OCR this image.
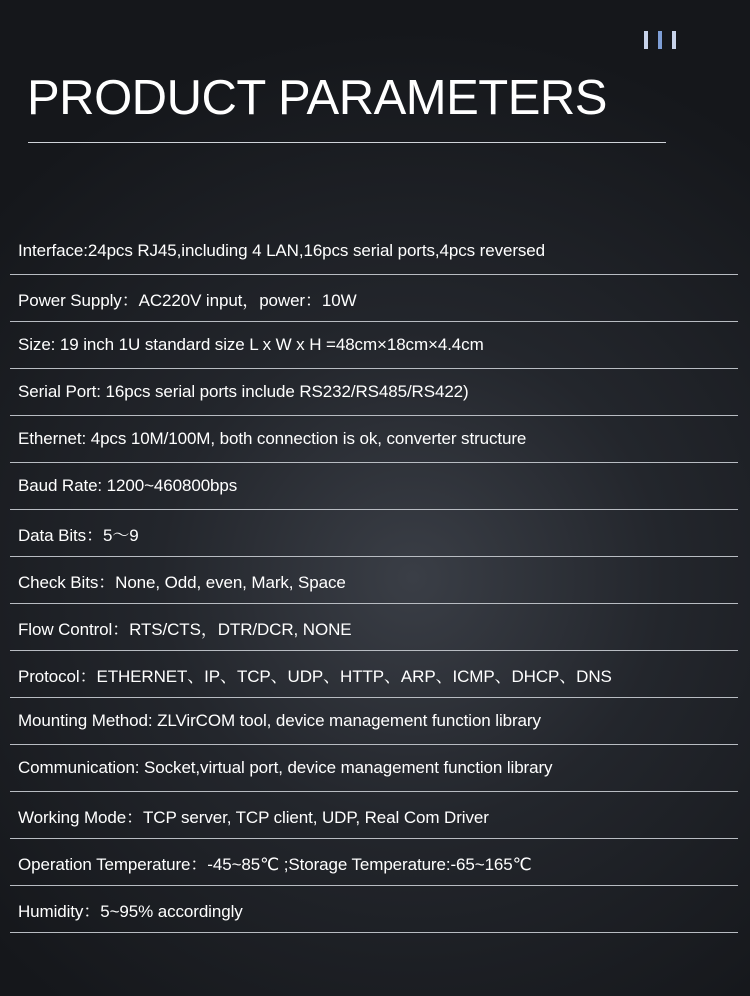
PRODUCT PARAMETERS
Interface:24pcs RJ45,including 4 LAN,16pcs serial ports,4pcs reversed
Power Supply：AC220V input，power：10W
Size: 19 inch 1U standard size L x W x H =48cm×18cm×4.4cm
Serial Port: 16pcs serial ports include RS232/RS485/RS422)
Ethernet: 4pcs 10M/100M, both connection is ok, converter structure
Baud Rate: 1200~460800bps
Data Bits：5～9
Check Bits：None, Odd, even, Mark, Space
Flow Control：RTS/CTS，DTR/DCR, NONE
Protocol：ETHERNET、IP、TCP、UDP、HTTP、ARP、ICMP、DHCP、DNS
Mounting Method: ZLVirCOM tool, device management function library
Communication: Socket,virtual port, device management function library
Working Mode：TCP server, TCP client, UDP, Real Com Driver
Operation Temperature：-45~85℃ ;Storage Temperature:-65~165℃
Humidity：5~95% accordingly
